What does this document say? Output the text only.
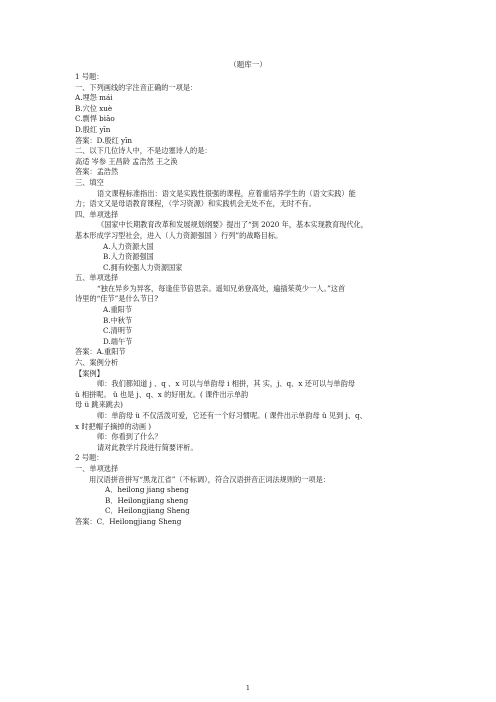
（题库一）
1 号题：
一、下列画线的字注音正确的一项是：
A.埋怨 mái
B.穴位 xuè
C.剽悍 biāo
D.殷红 yīn
答案：D.殷红 yīn
二、以下几位诗人中，不是边塞诗人的是：
高适 岑参 王昌龄 孟浩然 王之涣
答案：孟浩然
三、填空
语文课程标准指出：语文是实践性很强的课程，应着重培养学生的（语文实践）能
力；语文又是母语教育课程，（学习资源）和实践机会无处不在，无时不有。
四、单项选择
《国家中长期教育改革和发展规划纲要》提出了“到 2020 年，基本实现教育现代化，
基本形成学习型社会，进入（人力资源强国 ）行列”的战略目标。
A.人力资源大国
B.人力资源强国
C.拥有较强人力资源国家
五、单项选择
“独在异乡为异客，每逢佳节倍思亲。遥知兄弟登高处，遍插茱萸少一人。”这首
诗里的“佳节”是什么节日?
A.重阳节
B.中秋节
C.清明节
D.端午节
答案：A.重阳节
六、案例分析
【案例】
师：我们都知道 j 、q 、x 可以与单韵母 i 相拼，其 实，j、q、x 还可以与单韵母
ü 相拼呢。 ü 也是 j、q、x 的好朋友。( 课件出示单韵
母 ü 跳来跳去)
师：单韵母 ü 不仅活泼可爱，它还有一个好习惯呢。( 课件出示单韵母 ü 见到 j、q、
x 时把帽子摘掉的动画 )
师：你看到了什么？
请对此教学片段进行简要评析。
2 号题：
一、单项选择
用汉语拼音拼写“黑龙江省”（不标调），符合汉语拼音正词法规则的一项是：
A．heilong jiang sheng
B．Heilongjiang sheng
C．Heilongjiang Sheng
答案：C．Heilongjiang Sheng
1
